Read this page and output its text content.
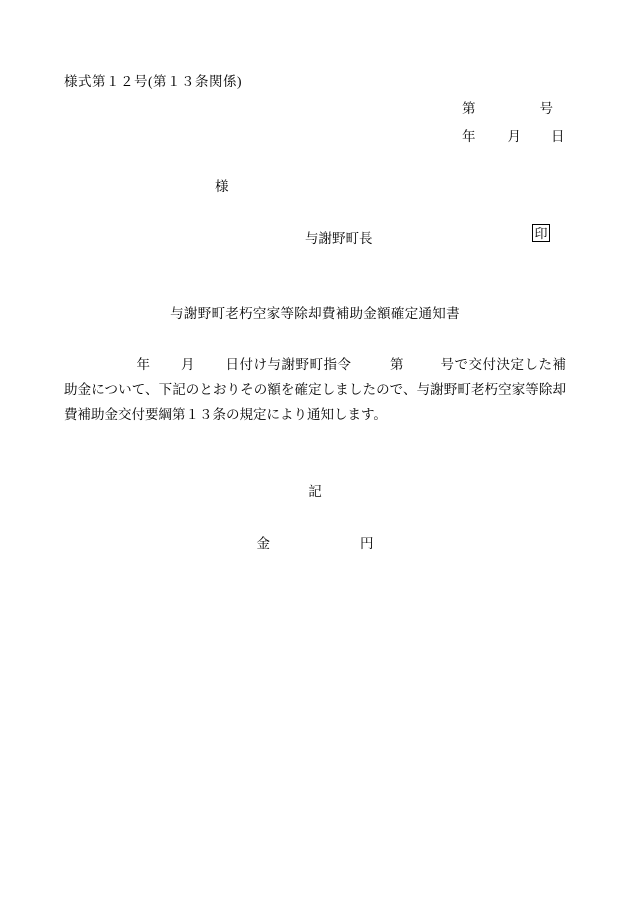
様式第１２号(第１３条関係)
第	号
年 月 日
様
与謝野町長	印
与謝野町老朽空家等除却費補助金額確定通知書
年 月 日付け与謝野町指令	第	号で交付決定した補助金について、下記のとおりその額を確定しましたので、与謝野町老朽空家等除却費補助金交付要綱第１３条の規定により通知します。
記
金	円
